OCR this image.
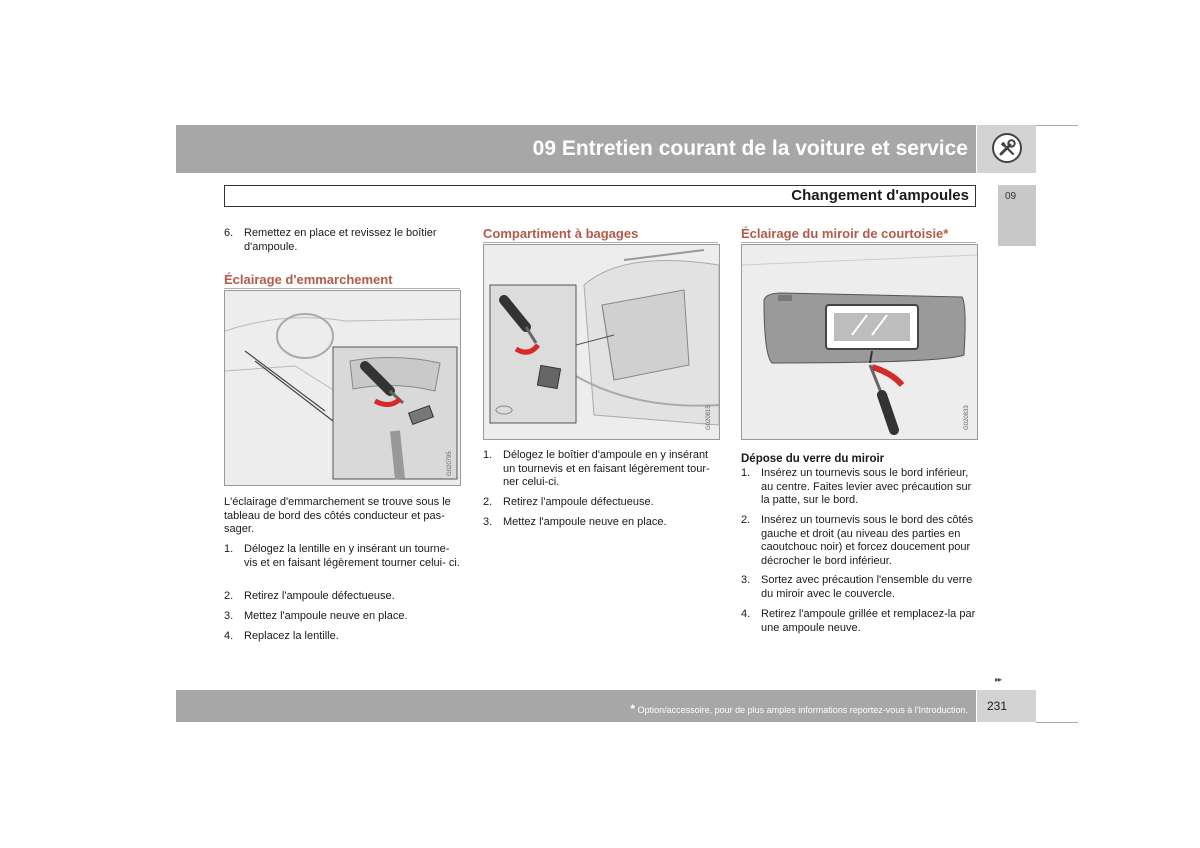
09 Entretien courant de la voiture et service
Changement d'ampoules	09
6. Remettez en place et revissez le boîtier d'ampoule.
Éclairage d'emmarchement
G020795
L'éclairage d'emmarchement se trouve sous le tableau de bord des côtés conducteur et pas- sager.
1. Délogez la lentille en y insérant un tourne- vis et en faisant légèrement tourner celui- ci.
2. Retirez l'ampoule défectueuse.
3. Mettez l'ampoule neuve en place.
4. Replacez la lentille.
Compartiment à bagages
G020815
1. Délogez le boîtier d'ampoule en y insérant un tournevis et en faisant légèrement tour- ner celui-ci.
2. Retirez l'ampoule défectueuse.
3. Mettez l'ampoule neuve en place.
Éclairage du miroir de courtoisie*
G020833
Dépose du verre du miroir
1. Insérez un tournevis sous le bord inférieur, au centre. Faites levier avec précaution sur la patte, sur le bord.
2. Insérez un tournevis sous le bord des côtés gauche et droit (au niveau des parties en caoutchouc noir) et forcez doucement pour décrocher le bord inférieur.
3. Sortez avec précaution l'ensemble du verre du miroir avec le couvercle.
4. Retirez l'ampoule grillée et remplacez-la par une ampoule neuve.
▸▸
* Option/accessoire, pour de plus amples informations reportez-vous à l'Introduction. 231
